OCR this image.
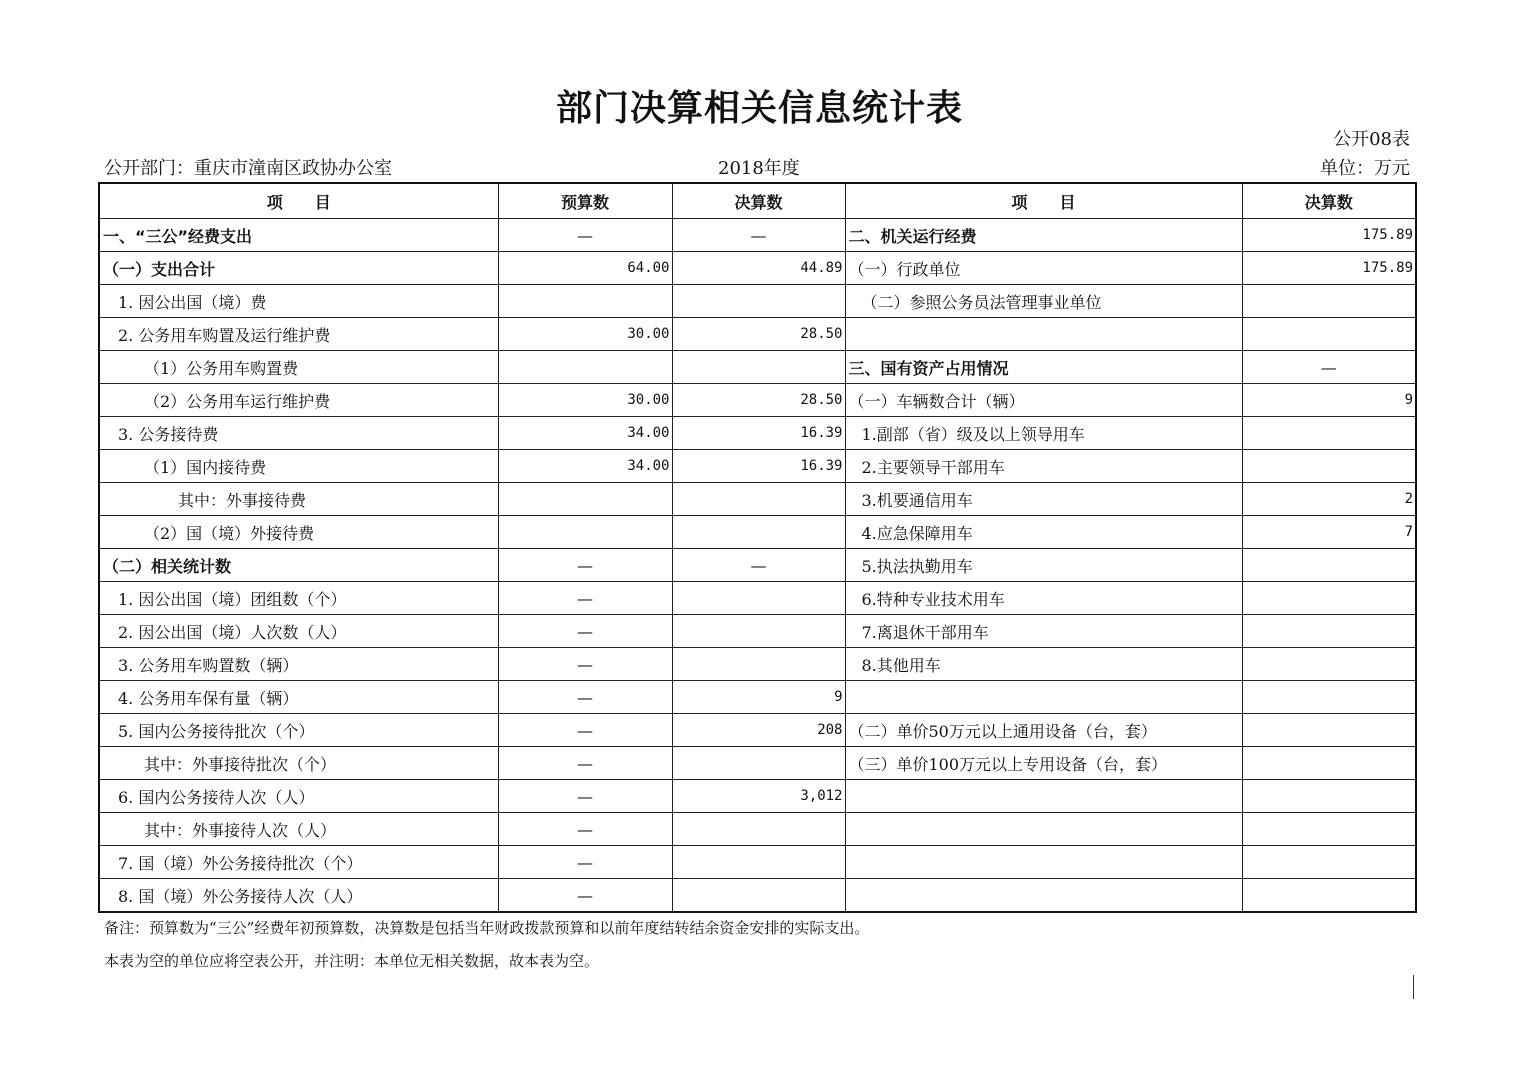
部门决算相关信息统计表
公开08表
公开部门：重庆市潼南区政协办公室	2018年度	单位：万元
项　　目	预算数	决算数	项　　目	决算数
一、“三公”经费支出	—	—	二、机关运行经费	175.89
（一）支出合计	64.00	44.89	（一）行政单位	175.89
1. 因公出国（境）费			（二）参照公务员法管理事业单位	
2. 公务用车购置及运行维护费	30.00	28.50		
（1）公务用车购置费			三、国有资产占用情况	—
（2）公务用车运行维护费	30.00	28.50	（一）车辆数合计（辆）	9
3. 公务接待费	34.00	16.39	1.副部（省）级及以上领导用车	
（1）国内接待费	34.00	16.39	2.主要领导干部用车	
其中：外事接待费			3.机要通信用车	2
（2）国（境）外接待费			4.应急保障用车	7
（二）相关统计数	—	—	5.执法执勤用车	
1. 因公出国（境）团组数（个）	—		6.特种专业技术用车	
2. 因公出国（境）人次数（人）	—		7.离退休干部用车	
3. 公务用车购置数（辆）	—		8.其他用车	
4. 公务用车保有量（辆）	—	9		
5. 国内公务接待批次（个）	—	208	（二）单价50万元以上通用设备（台，套）	
其中：外事接待批次（个）	—		（三）单价100万元以上专用设备（台，套）	
6. 国内公务接待人次（人）	—	3,012		
其中：外事接待人次（人）	—			
7. 国（境）外公务接待批次（个）	—			
8. 国（境）外公务接待人次（人）	—			
备注：预算数为“三公”经费年初预算数，决算数是包括当年财政拨款预算和以前年度结转结余资金安排的实际支出。
本表为空的单位应将空表公开，并注明：本单位无相关数据，故本表为空。
